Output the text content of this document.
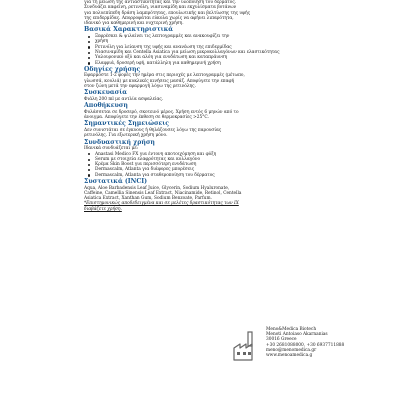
για τη μείωση της αντιαστικότητας και την υλοποίηση του δέρματος.

Συνδυάζει καφεΐνη, ρετινόλη, νιασιναμίδη και εκχυλίσματα βοτάνων

για πολυεπίπεδη δράση λαμπρότητας, επουλωτικής και βελτίωσης της υφής

της επιδερμίδας. Απορροφάται εύκολα χωρίς να αφήνει λιπαρότητα,

ιδανικό για καθημερινή και νυχτερινή χρήση.

Βασικά Χαρακτηριστικά
Ξεφρέσκει & ψιλαίνει τις λεπτογραμμές και ανακουφίζει την
χρήση
Ρετινόλη για λείανση της υφής και ανανέωση της επιδερμίδας
Νιασιναμίδη και Centella Asiatica για μείωση μικροκολλαγόνων και ελαστικότητας
Υαλουρονικό οξύ και αλόη για ενυδάτωση και καταπράυνση
Ελαφριά, δροσερή υφή, κατάλληλη για καθημερινή χρήση
Οδηγίες χρήσης

Εφαρμόστε 1-2 φορές την ημέρα στις περιοχές με λεπτογραμμές (μέτωπο,

γλωσσά, κουλιά) με κυκλικές κινήσεις μασάζ. Αποφύγετε την επαφή

στον ζώνη μετά την εφαρμογή λόγω της ρετινόλης.

Συσκευασία

Φιάλη 200 ml με αντλία ασφαλείας.

Αποθήκευση

Φυλάσσεται σε δροσερό, σκοτεινό μέρος. Χρήση εντός 6 μηνών από το

άνοιγμα. Αποφύγετε την έκθεση σε θερμοκρασίες >25°C.

Σημαντικές Σημειώσεις

Δεν συνιστάται σε έγκυους ή θηλάζουσες λόγω της παρουσίας

ρετινόλης. Για εξωτερική χρήση μόνο.

Συνδυαστική χρήση

Ιδανικά συνδυάζεται με:

Anastasi Medico FX για έντονη αποτοιχόμηση και φύξη
Serum με στοιχεία ελαφρότητας και κολλαγόνο
Κρέμα Skin Boost για περισσότερη ενυδάτωση
Dermascalm, Atlanta για διάφορες μπορέσεις
Dermascalm, Atlanta για σταθεροποίηση του δέρματος
Συστατικά (INCI)

Aqua, Aloe Barbadensis Leaf Juice, Glycerin, Sodium Hyaluronate,

Caffeine, Camellia Sinensis Leaf Extract, Niacinamide, Retinol, Centella

Asiatica Extract, Xanthan Gum, Sodium Benzoate, Parfum.

*Επιστημονικώς αποδεδειγμένα και σε μελέτες δραστικότητας των ΙΧ

διαβάζετε χρήση.

Meno&Medica Biotech
Menoti Antoiaso Akarnanias
30016 Greece
+30 2681088000, +30 6937711888
meno@menomedica.gr
www.menoamedica.g
